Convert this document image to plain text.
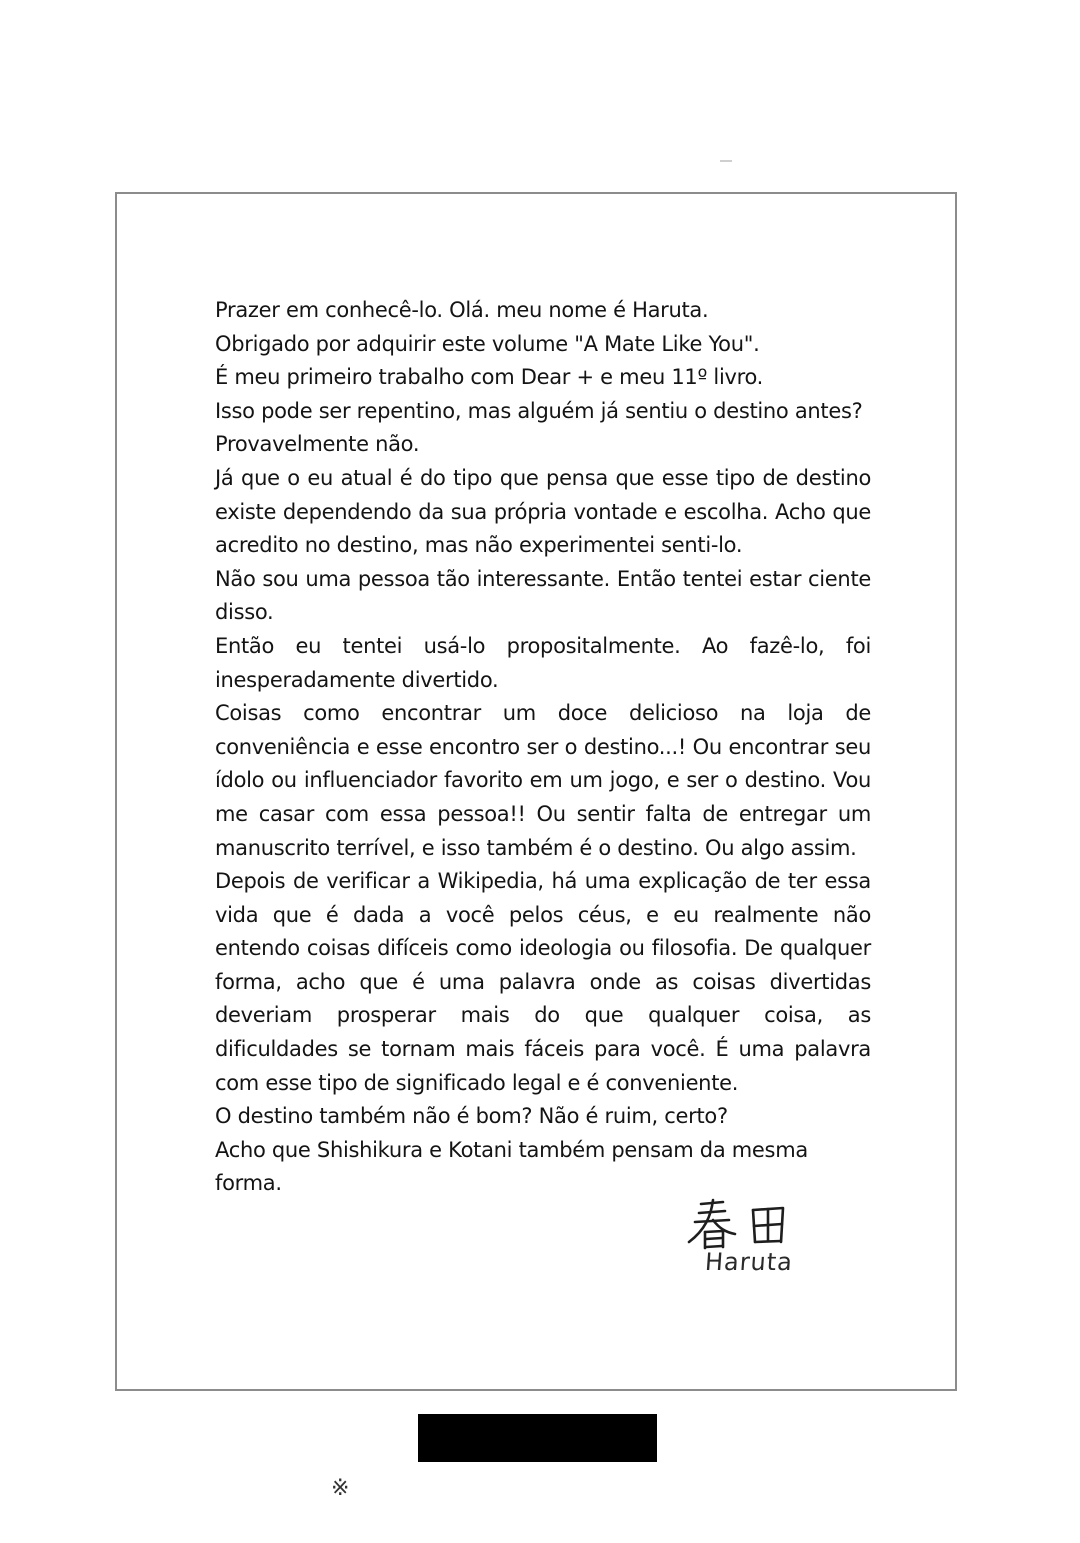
Prazer em conhecê-lo. Olá. meu nome é Haruta.

Obrigado por adquirir este volume "A Mate Like You".

É meu primeiro trabalho com Dear + e meu 11º livro.

Isso pode ser repentino, mas alguém já sentiu o destino antes?

Provavelmente não.

Já que o eu atual é do tipo que pensa que esse tipo de destino existe dependendo da sua própria vontade e escolha. Acho que acredito no destino, mas não experimentei senti-lo.

Não sou uma pessoa tão interessante. Então tentei estar ciente disso.

Então eu tentei usá-lo propositalmente. Ao fazê-lo, foi inesperadamente divertido.

Coisas como encontrar um doce delicioso na loja de conveniência e esse encontro ser o destino...! Ou encontrar seu ídolo ou influenciador favorito em um jogo, e ser o destino. Vou me casar com essa pessoa!! Ou sentir falta de entregar um manuscrito terrível, e isso também é o destino. Ou algo assim.

Depois de verificar a Wikipedia, há uma explicação de ter essa vida que é dada a você pelos céus, e eu realmente não entendo coisas difíceis como ideologia ou filosofia. De qualquer forma, acho que é uma palavra onde as coisas divertidas deveriam prosperar mais do que qualquer coisa, as dificuldades se tornam mais fáceis para você. É uma palavra com esse tipo de significado legal e é conveniente.

O destino também não é bom? Não é ruim, certo?

Acho que Shishikura e Kotani também pensam da mesma forma.

Haruta
※
